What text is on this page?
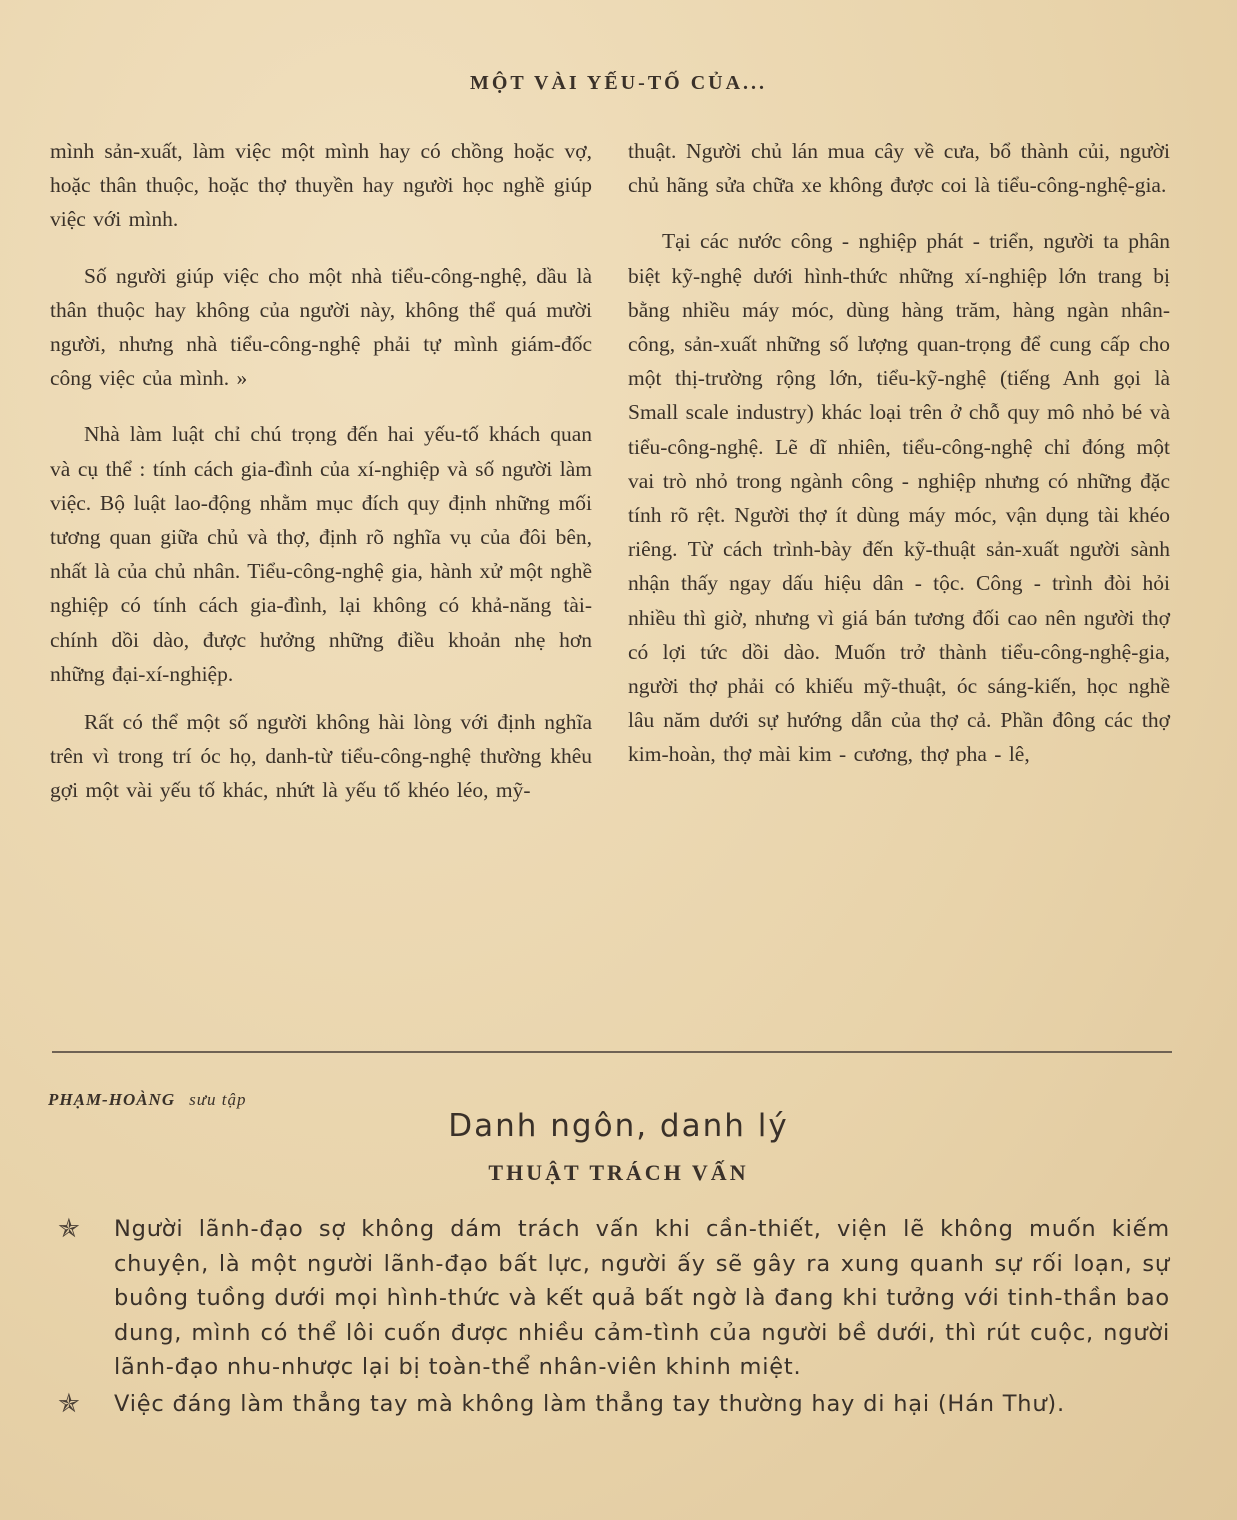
MỘT VÀI YẾU-TỐ CỦA...

mình sản-xuất, làm việc một mình hay có chồng hoặc vợ, hoặc thân thuộc, hoặc thợ thuyền hay người học nghề giúp việc với mình.

Số người giúp việc cho một nhà tiểu-công-nghệ, dầu là thân thuộc hay không của người này, không thể quá mười người, nhưng nhà tiểu-công-nghệ phải tự mình giám-đốc công việc của mình. »

Nhà làm luật chỉ chú trọng đến hai yếu-tố khách quan và cụ thể : tính cách gia-đình của xí-nghiệp và số người làm việc. Bộ luật lao-động nhằm mục đích quy định những mối tương quan giữa chủ và thợ, định rõ nghĩa vụ của đôi bên, nhất là của chủ nhân. Tiểu-công-nghệ gia, hành xử một nghề nghiệp có tính cách gia-đình, lại không có khả-năng tài-chính dồi dào, được hưởng những điều khoản nhẹ hơn những đại-xí-nghiệp.

Rất có thể một số người không hài lòng với định nghĩa trên vì trong trí óc họ, danh-từ tiểu-công-nghệ thường khêu gợi một vài yếu tố khác, nhứt là yếu tố khéo léo, mỹ-

thuật. Người chủ lán mua cây về cưa, bổ thành củi, người chủ hãng sửa chữa xe không được coi là tiểu-công-nghệ-gia.

Tại các nước công - nghiệp phát - triển, người ta phân biệt kỹ-nghệ dưới hình-thức những xí-nghiệp lớn trang bị bằng nhiều máy móc, dùng hàng trăm, hàng ngàn nhân-công, sản-xuất những số lượng quan-trọng để cung cấp cho một thị-trường rộng lớn, tiểu-kỹ-nghệ (tiếng Anh gọi là Small scale industry) khác loại trên ở chỗ quy mô nhỏ bé và tiểu-công-nghệ. Lẽ dĩ nhiên, tiểu-công-nghệ chỉ đóng một vai trò nhỏ trong ngành công - nghiệp nhưng có những đặc tính rõ rệt. Người thợ ít dùng máy móc, vận dụng tài khéo riêng. Từ cách trình-bày đến kỹ-thuật sản-xuất người sành nhận thấy ngay dấu hiệu dân - tộc. Công - trình đòi hỏi nhiều thì giờ, nhưng vì giá bán tương đối cao nên người thợ có lợi tức dồi dào. Muốn trở thành tiểu-công-nghệ-gia, người thợ phải có khiếu mỹ-thuật, óc sáng-kiến, học nghề lâu năm dưới sự hướng dẫn của thợ cả. Phần đông các thợ kim-hoàn, thợ mài kim - cương, thợ pha - lê,

PHẠM-HOÀNG sưu tập
Danh ngôn, danh lý
THUẬT TRÁCH VẤN
✯ Người lãnh-đạo sợ không dám trách vấn khi cần-thiết, viện lẽ không muốn kiếm chuyện, là một người lãnh-đạo bất lực, người ấy sẽ gây ra xung quanh sự rối loạn, sự buông tuồng dưới mọi hình-thức và kết quả bất ngờ là đang khi tưởng với tinh-thần bao dung, mình có thể lôi cuốn được nhiều cảm-tình của người bề dưới, thì rút cuộc, người lãnh-đạo nhu-nhược lại bị toàn-thể nhân-viên khinh miệt.
✯ Việc đáng làm thẳng tay mà không làm thẳng tay thường hay di hại (Hán Thư).
